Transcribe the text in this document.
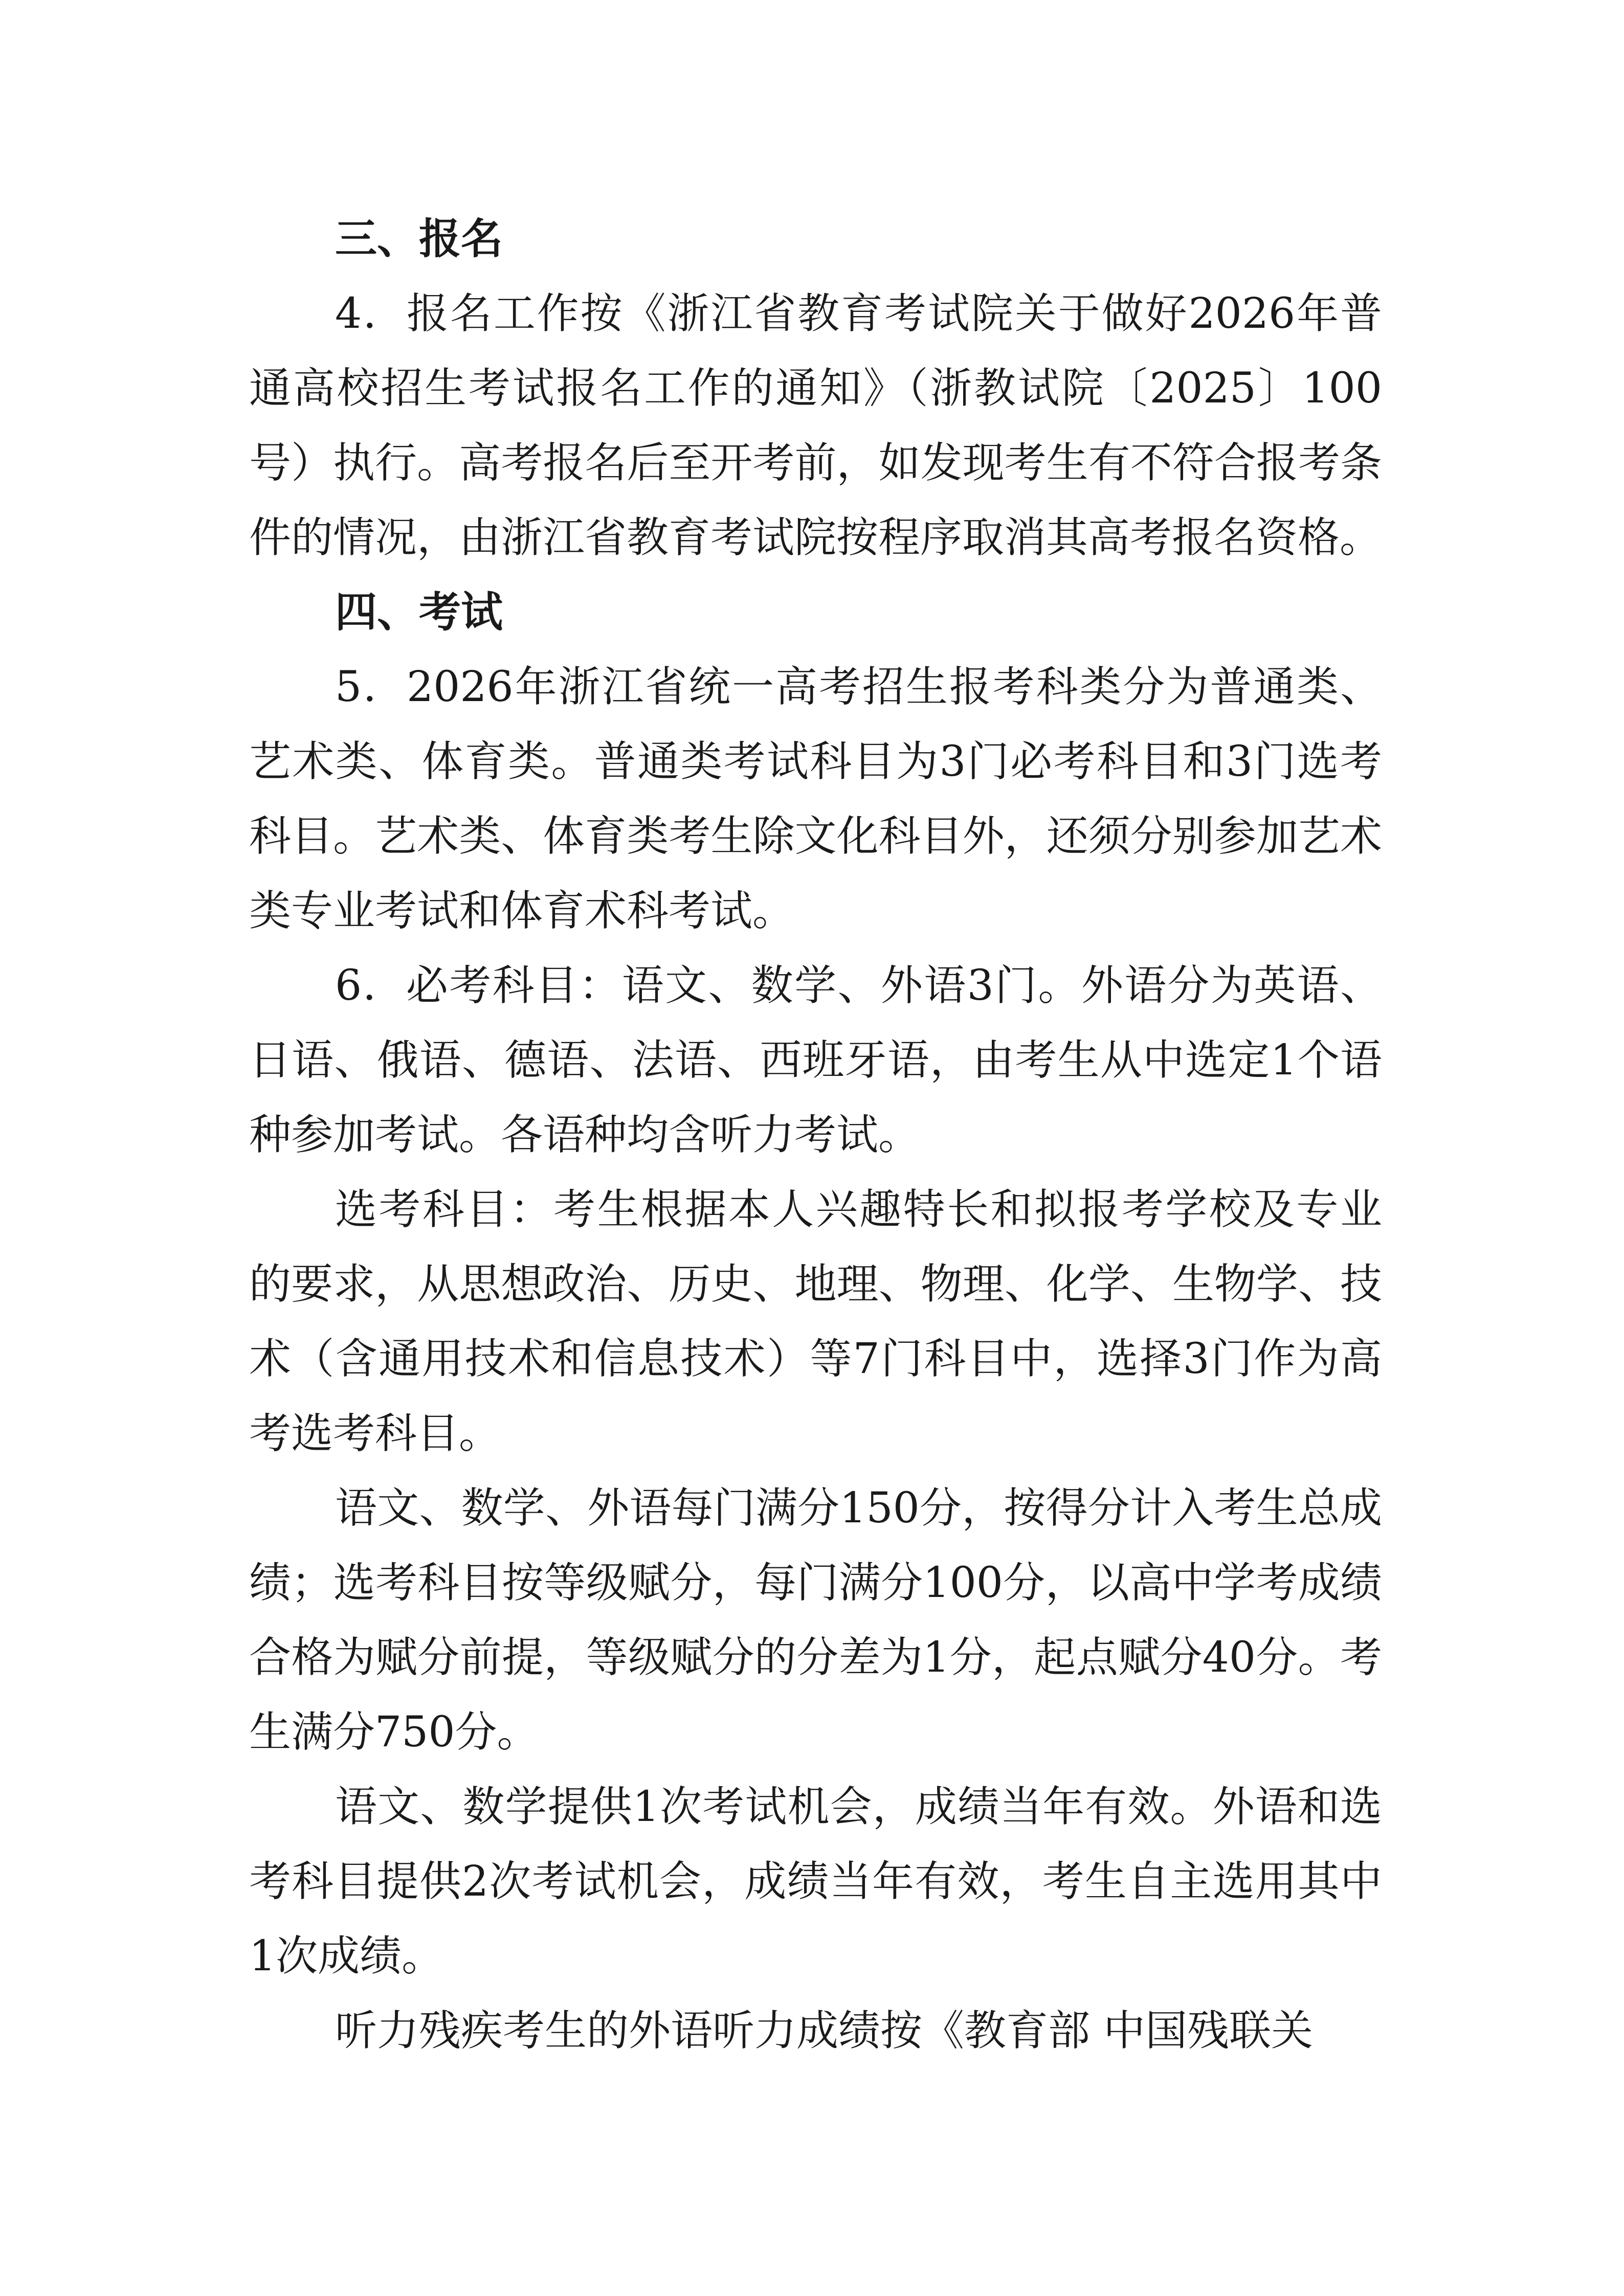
三、报名

4．报名工作按《浙江省教育考试院关于做好2026年普通高校招生考试报名工作的通知》（浙教试院〔2025〕100号）执行。高考报名后至开考前，如发现考生有不符合报考条件的情况，由浙江省教育考试院按程序取消其高考报名资格。

四、考试

5．2026年浙江省统一高考招生报考科类分为普通类、艺术类、体育类。普通类考试科目为3门必考科目和3门选考科目。艺术类、体育类考生除文化科目外，还须分别参加艺术类专业考试和体育术科考试。

6．必考科目：语文、数学、外语3门。外语分为英语、日语、俄语、德语、法语、西班牙语，由考生从中选定1个语种参加考试。各语种均含听力考试。

选考科目：考生根据本人兴趣特长和拟报考学校及专业的要求，从思想政治、历史、地理、物理、化学、生物学、技术（含通用技术和信息技术）等7门科目中，选择3门作为高考选考科目。

语文、数学、外语每门满分150分，按得分计入考生总成绩；选考科目按等级赋分，每门满分100分，以高中学考成绩合格为赋分前提，等级赋分的分差为1分，起点赋分40分。考生满分750分。

语文、数学提供1次考试机会，成绩当年有效。外语和选考科目提供2次考试机会，成绩当年有效，考生自主选用其中1次成绩。

听力残疾考生的外语听力成绩按《教育部 中国残联关
